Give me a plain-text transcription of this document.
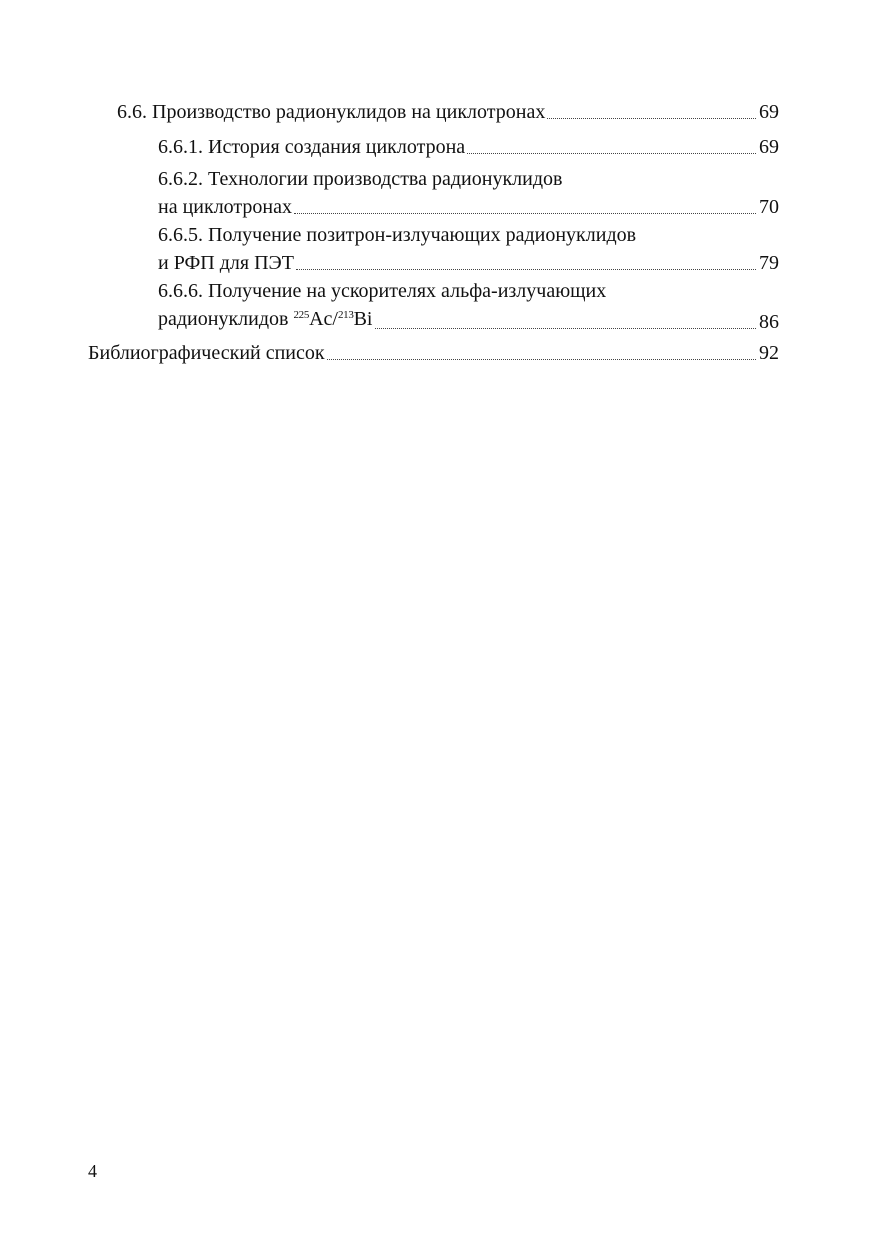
6.6. Производство радионуклидов на циклотронах	69
6.6.1. История создания циклотрона	69
6.6.2. Технологии производства радионуклидов
на циклотронах	70
6.6.5. Получение позитрон-излучающих радионуклидов
и РФП для ПЭТ	79
6.6.6. Получение на ускорителях альфа-излучающих
радионуклидов $^{225}$Ac/$^{213}$Bi	86
Библиографический список	92
4
